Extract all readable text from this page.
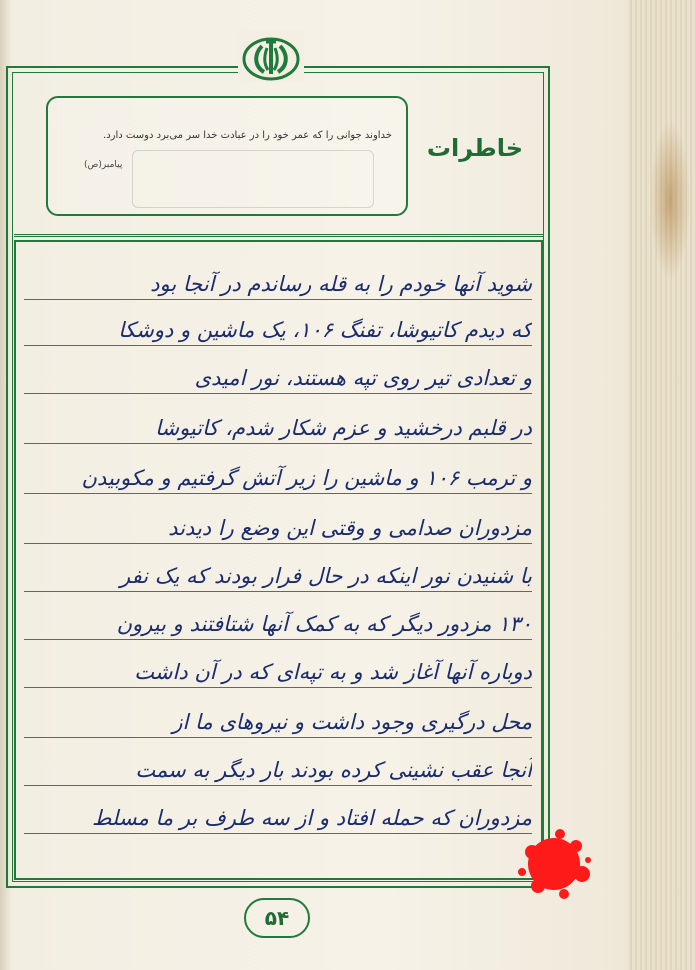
خداوند جوانی را که عمر خود را در عبادت خدا سر می‌برد دوست دارد.
پیامبر(ص)
خاطرات
شوید آنها خودم را به قله رساندم در آنجا بود
که دیدم کاتیوشا، تفنگ ۱۰۶، یک ماشین و دوشکا
و تعدادی تیر روی تپه هستند، نور امیدی
در قلبم درخشید و عزم شکار شدم، کاتیوشا
و ترمب ۱۰۶ و ماشین را زیر آتش گرفتیم و مکوبیدن
مزدوران صدامی و وقتی این وضع را دیدند
با شنیدن نور اینکه در حال فرار بودند که یک نفر
۱۳۰ مزدور دیگر که به کمک آنها شتافتند و بیرون
دوباره آنها آغاز شد و به تپه‌ای که در آن داشت
محل درگیری وجود داشت و نیروهای ما از
آنجا عقب نشینی کرده بودند بار دیگر به سمت
مزدوران که حمله افتاد و از سه طرف بر ما مسلط
۵۴
